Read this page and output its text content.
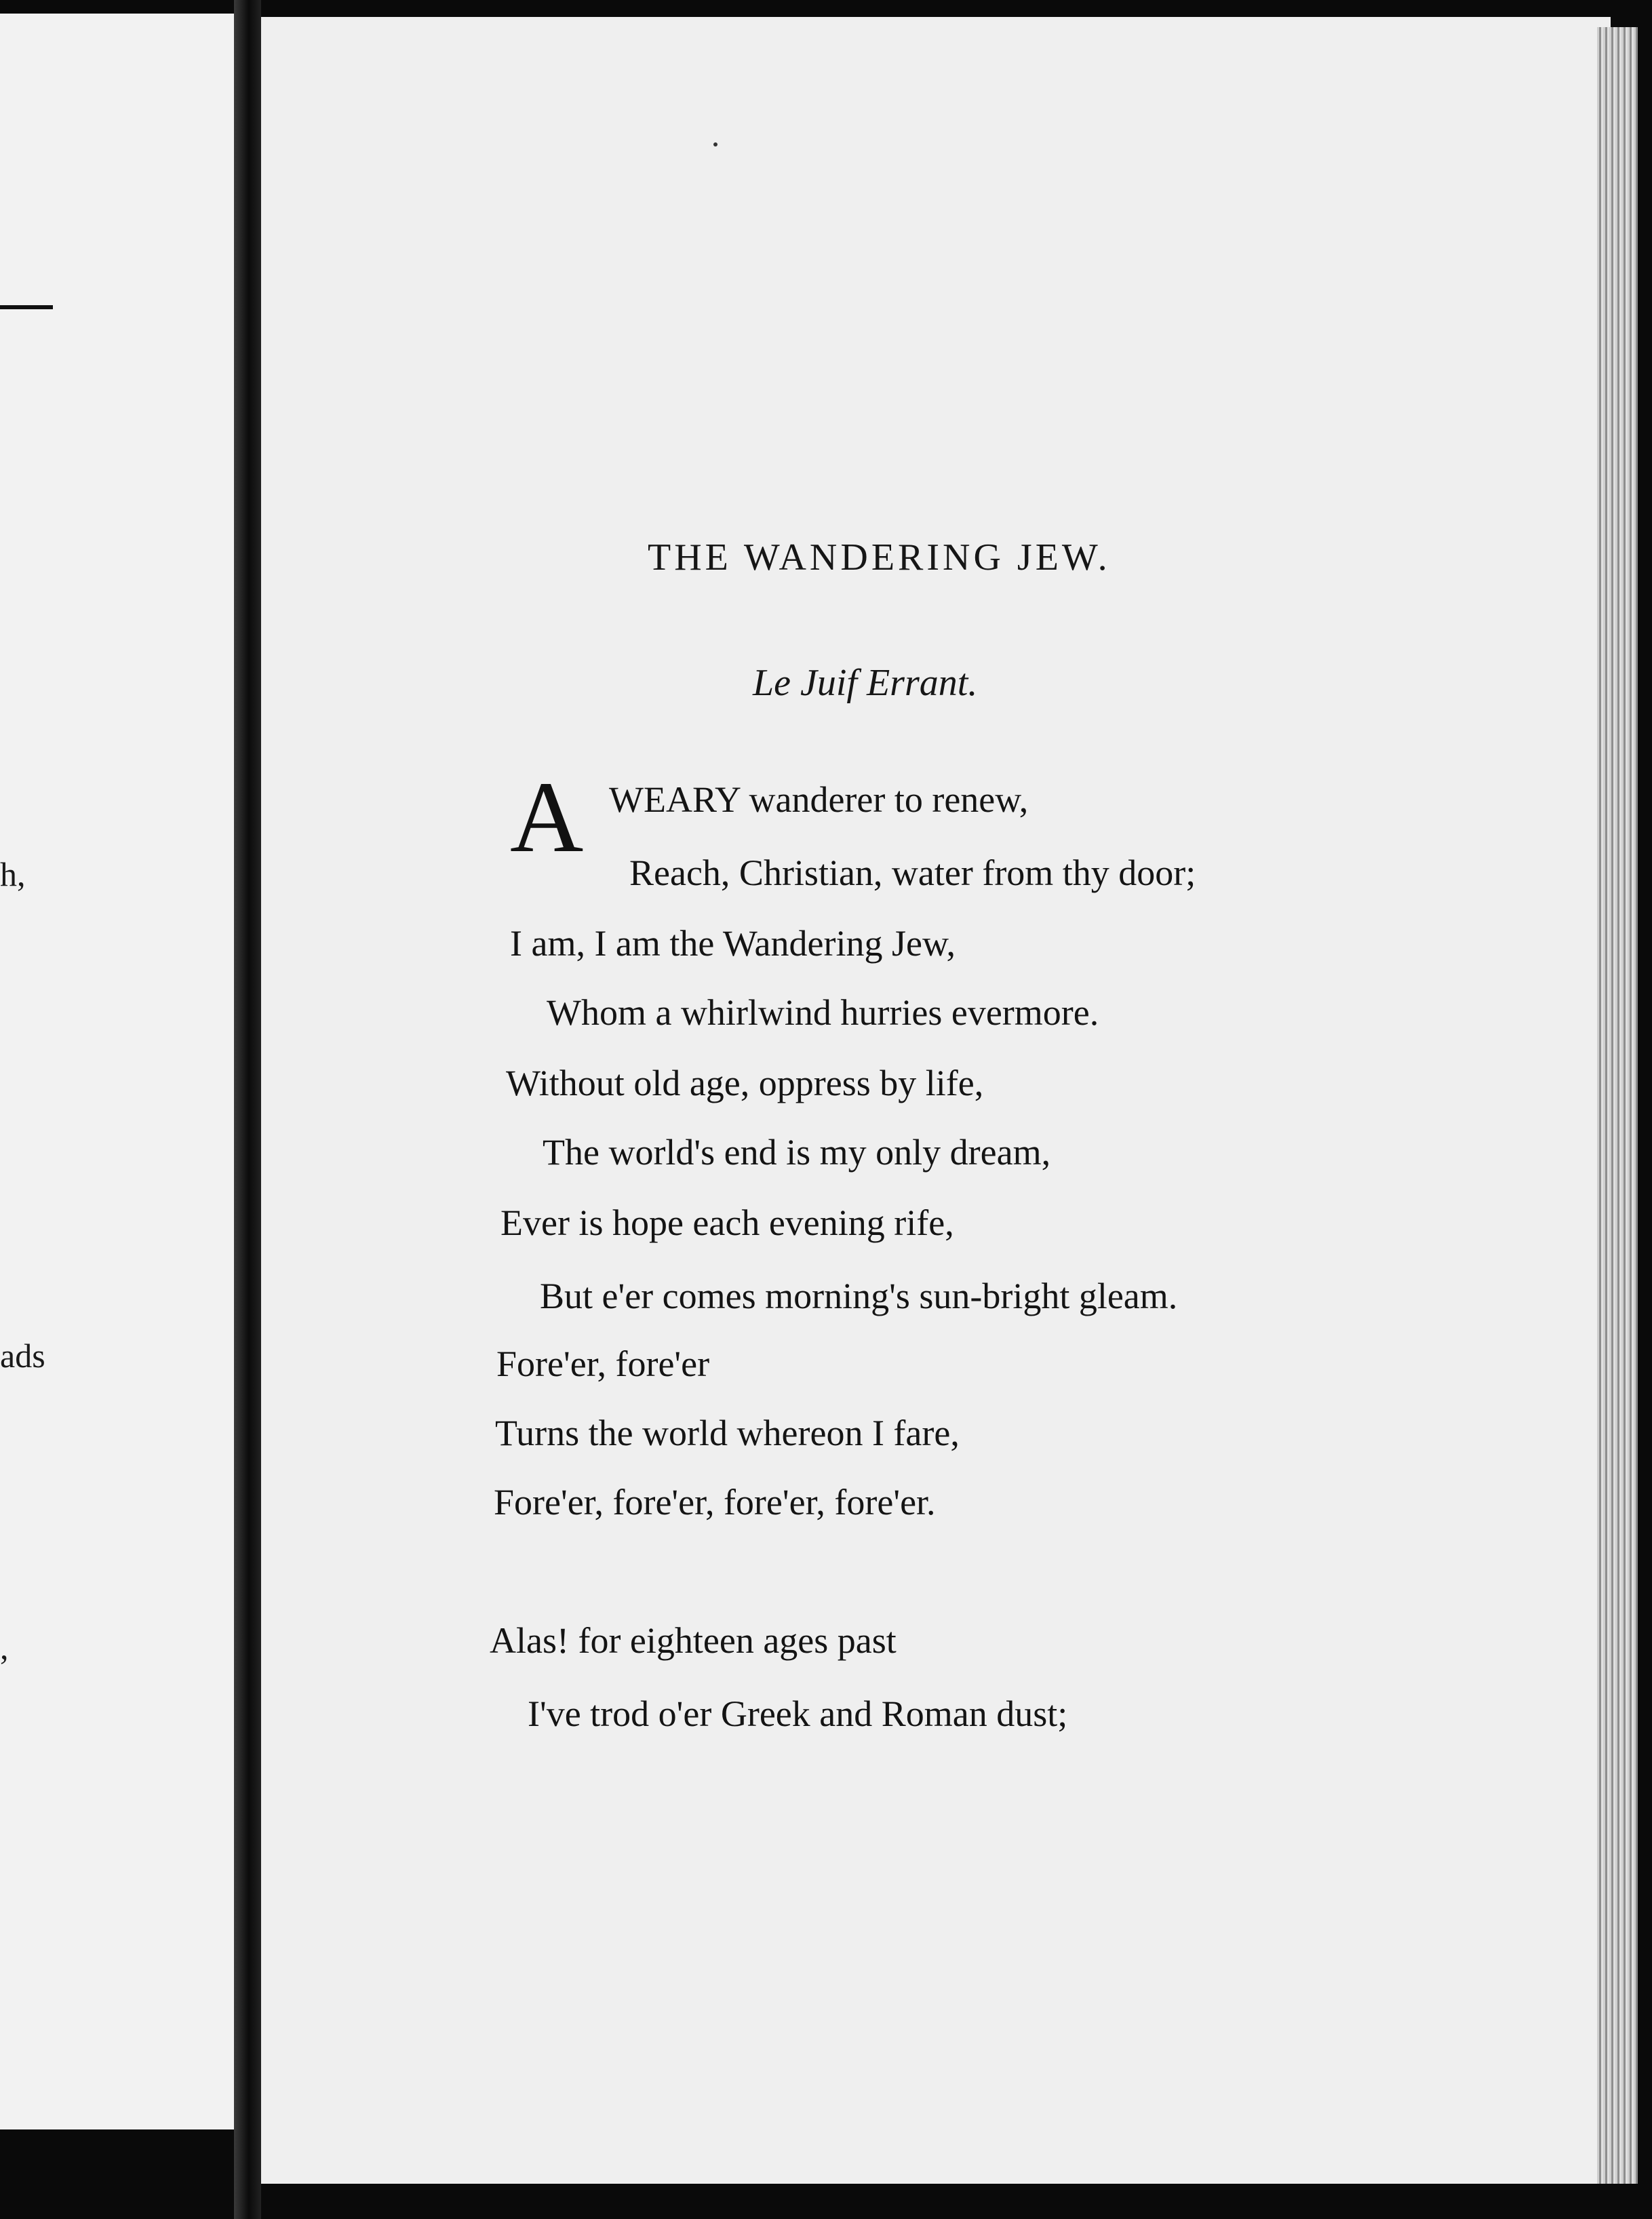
h,
ads
,
THE WANDERING JEW.
Le Juif Errant.
A WEARY wanderer to renew,
Reach, Christian, water from thy door;
I am, I am the Wandering Jew,
Whom a whirlwind hurries evermore.
Without old age, oppress by life,
The world's end is my only dream,
Ever is hope each evening rife,
But e'er comes morning's sun-bright gleam.
Fore'er, fore'er
Turns the world whereon I fare,
Fore'er, fore'er, fore'er, fore'er.
Alas! for eighteen ages past
I've trod o'er Greek and Roman dust;
